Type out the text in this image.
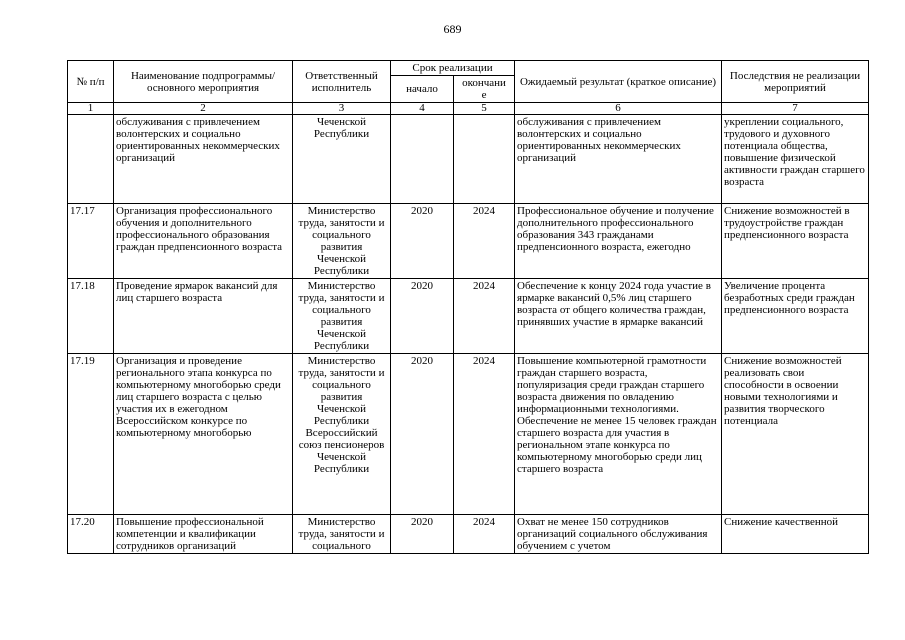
689
№ п/п	Наименование подпрограммы/ основного мероприятия	Ответственный исполнитель	Срок реализации		Ожидаемый результат (краткое описание)	Последствия не реализации мероприятий
			начало	окончани
е		
1	2	3	4	5	6	7
	обслуживания с привлечением волонтерских и социально ориентированных некоммерческих организаций	Чеченской Республики			обслуживания с привлечением волонтерских и социально ориентированных некоммерческих организаций	укреплении социального, трудового и духовного потенциала общества, повышение физической активности граждан старшего возраста
17.17	Организация профессионального обучения и дополнительного профессионального образования граждан предпенсионного возраста	Министерство труда, занятости и социального развития Чеченской Республики	2020	2024	Профессиональное обучение и получение дополнительного профессионального образования 343 гражданами предпенсионного возраста, ежегодно	Снижение возможностей в трудоустройстве граждан предпенсионного возраста
17.18	Проведение ярмарок вакансий для лиц старшего возраста	Министерство труда, занятости и социального развития Чеченской Республики	2020	2024	Обеспечение к концу 2024 года участие в ярмарке вакансий 0,5% лиц старшего возраста от общего количества граждан, принявших участие в ярмарке вакансий	Увеличение процента безработных среди граждан предпенсионного возраста
17.19	Организация и проведение регионального этапа конкурса по компьютерному многоборью среди лиц старшего возраста с целью участия их в ежегодном Всероссийском конкурсе по компьютерному многоборью	Министерство труда, занятости и социального развития Чеченской Республики Всероссийский союз пенсионеров Чеченской Республики	2020	2024	Повышение компьютерной грамотности граждан старшего возраста, популяризация среди граждан старшего возраста движения по овладению информационными технологиями. Обеспечение не менее 15 человек граждан старшего возраста для участия в региональном этапе конкурса по компьютерному многоборью среди лиц старшего возраста	Снижение возможностей реализовать свои способности в освоении новыми технологиями и развития творческого потенциала
17.20	Повышение профессиональной компетенции и квалификации сотрудников организаций	Министерство труда, занятости и социального	2020	2024	Охват не менее 150 сотрудников организаций социального обслуживания обучением с учетом	Снижение качественной
